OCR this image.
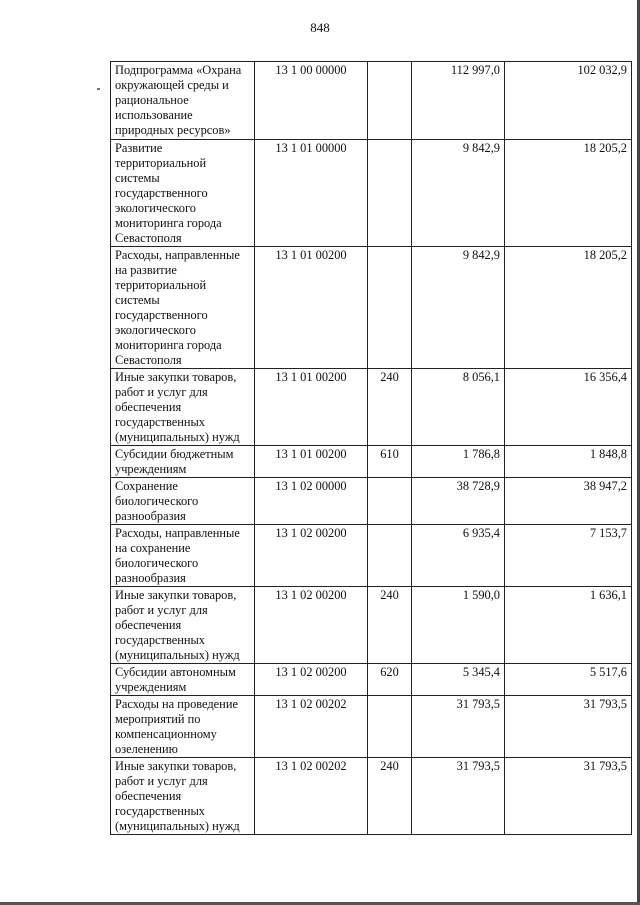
848
Подпрограмма «Охрана окружающей среды и рациональное использование природных ресурсов»	13 1 00 00000		112 997,0	102 032,9
Развитие территориальной системы государственного экологического мониторинга города Севастополя	13 1 01 00000		9 842,9	18 205,2
Расходы, направленные на развитие территориальной системы государственного экологического мониторинга города Севастополя	13 1 01 00200		9 842,9	18 205,2
Иные закупки товаров, работ и услуг для обеспечения государственных (муниципальных) нужд	13 1 01 00200	240	8 056,1	16 356,4
Субсидии бюджетным учреждениям	13 1 01 00200	610	1 786,8	1 848,8
Сохранение биологического разнообразия	13 1 02 00000		38 728,9	38 947,2
Расходы, направленные на сохранение биологического разнообразия	13 1 02 00200		6 935,4	7 153,7
Иные закупки товаров, работ и услуг для обеспечения государственных (муниципальных) нужд	13 1 02 00200	240	1 590,0	1 636,1
Субсидии автономным учреждениям	13 1 02 00200	620	5 345,4	5 517,6
Расходы на проведение мероприятий по компенсационному озеленению	13 1 02 00202		31 793,5	31 793,5
Иные закупки товаров, работ и услуг для обеспечения государственных (муниципальных) нужд	13 1 02 00202	240	31 793,5	31 793,5
